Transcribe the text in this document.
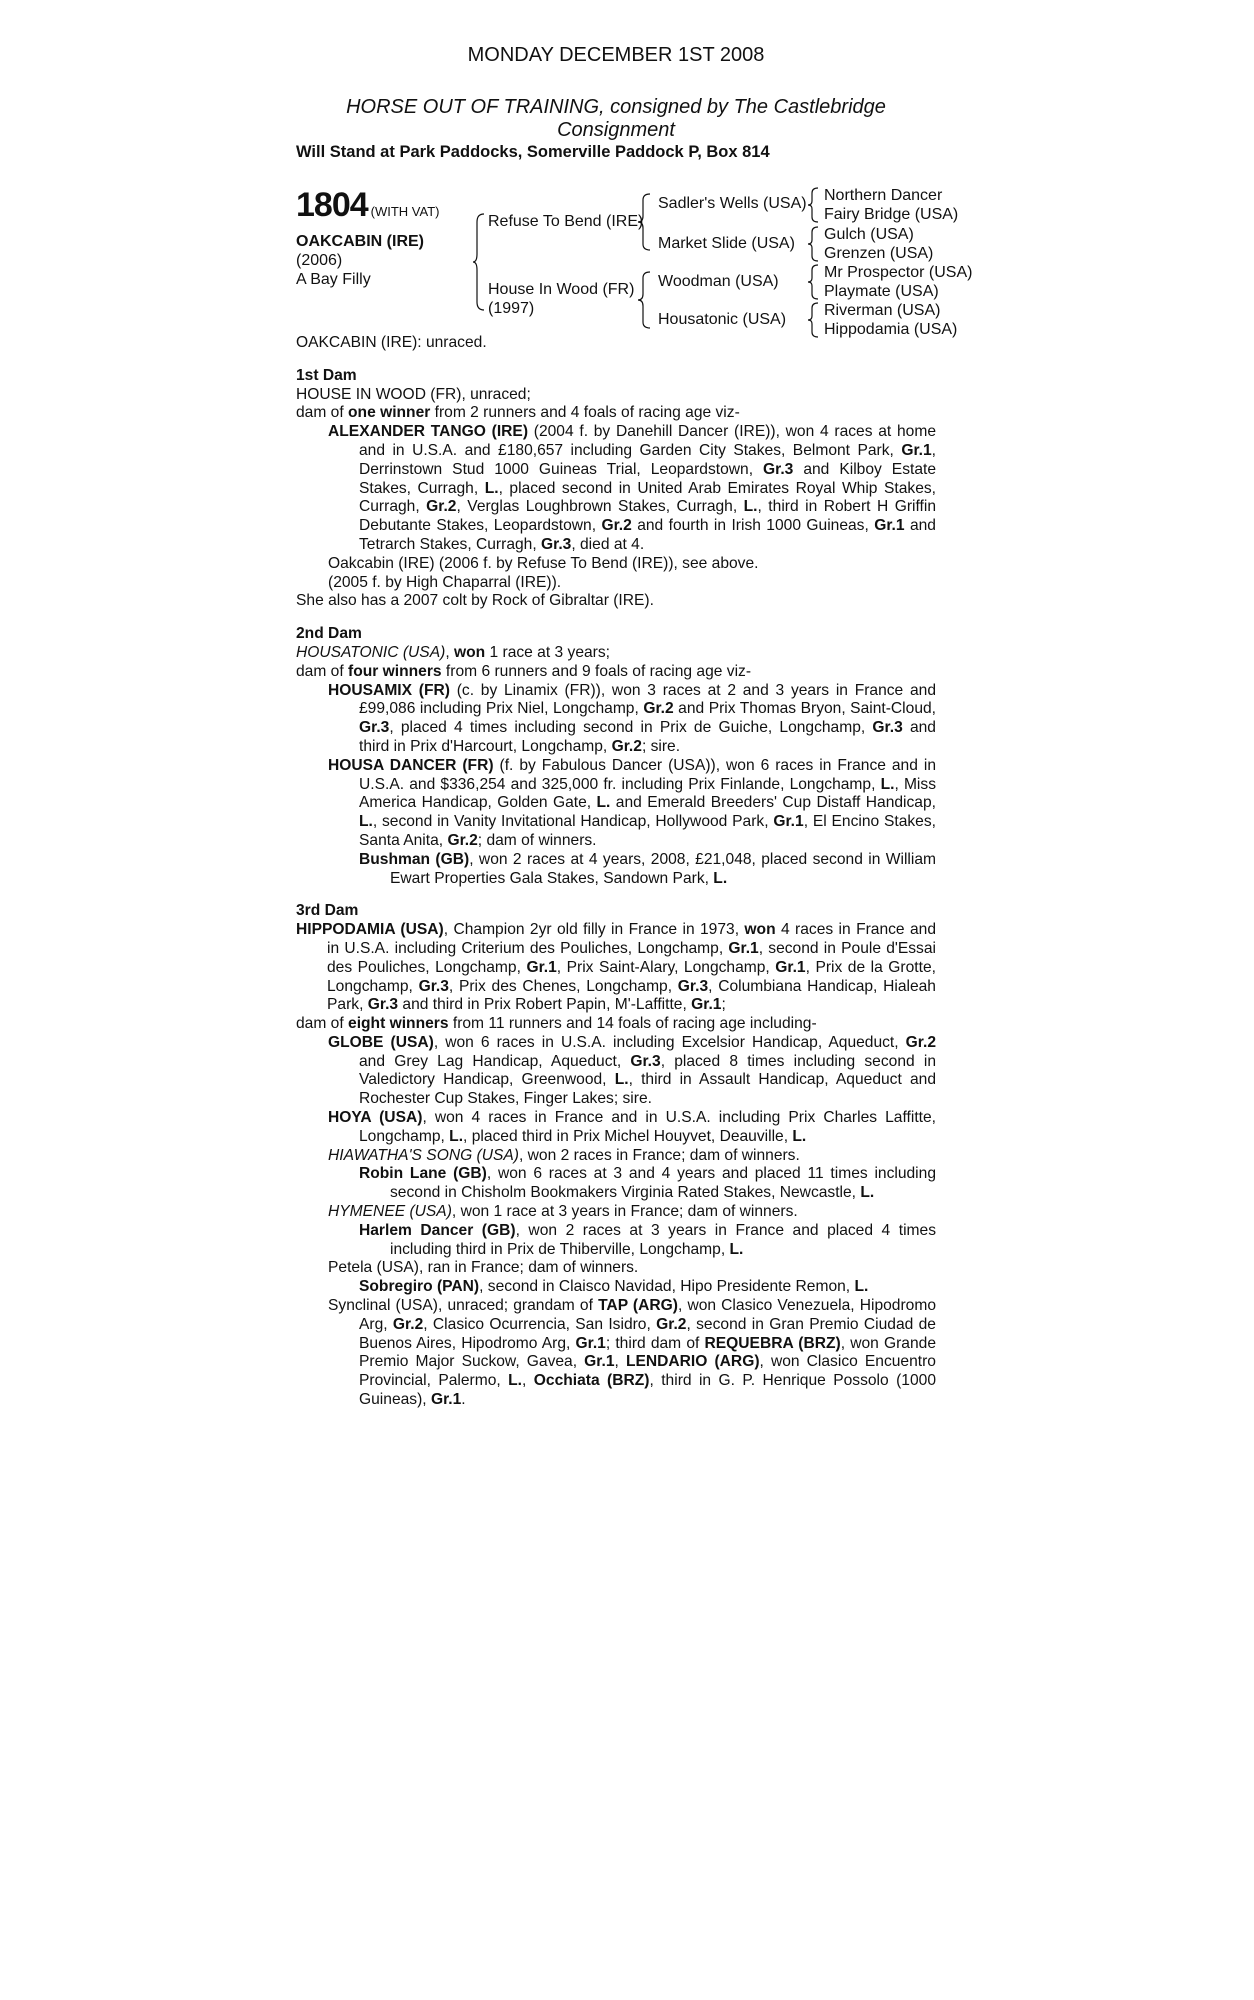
MONDAY DECEMBER 1ST 2008
HORSE OUT OF TRAINING, consigned by The Castlebridge Consignment
Will Stand at Park Paddocks, Somerville Paddock P, Box 814
1804 (WITH VAT)
OAKCABIN (IRE)
(2006)
A Bay Filly
Refuse To Bend (IRE)
House In Wood (FR)
(1997)
Sadler's Wells (USA)
Market Slide (USA)
Woodman (USA)
Housatonic (USA)
Northern Dancer
Fairy Bridge (USA)
Gulch (USA)
Grenzen (USA)
Mr Prospector (USA)
Playmate (USA)
Riverman (USA)
Hippodamia (USA)

OAKCABIN (IRE): unraced.

1st Dam

HOUSE IN WOOD (FR), unraced;

dam of one winner from 2 runners and 4 foals of racing age viz-

ALEXANDER TANGO (IRE) (2004 f. by Danehill Dancer (IRE)), won 4 races at home and in U.S.A. and £180,657 including Garden City Stakes, Belmont Park, Gr.1, Derrinstown Stud 1000 Guineas Trial, Leopardstown, Gr.3 and Kilboy Estate Stakes, Curragh, L., placed second in United Arab Emirates Royal Whip Stakes, Curragh, Gr.2, Verglas Loughbrown Stakes, Curragh, L., third in Robert H Griffin Debutante Stakes, Leopardstown, Gr.2 and fourth in Irish 1000 Guineas, Gr.1 and Tetrarch Stakes, Curragh, Gr.3, died at 4.

Oakcabin (IRE) (2006 f. by Refuse To Bend (IRE)), see above.

(2005 f. by High Chaparral (IRE)).

She also has a 2007 colt by Rock of Gibraltar (IRE).

2nd Dam

HOUSATONIC (USA), won 1 race at 3 years;

dam of four winners from 6 runners and 9 foals of racing age viz-

HOUSAMIX (FR) (c. by Linamix (FR)), won 3 races at 2 and 3 years in France and £99,086 including Prix Niel, Longchamp, Gr.2 and Prix Thomas Bryon, Saint-Cloud, Gr.3, placed 4 times including second in Prix de Guiche, Longchamp, Gr.3 and third in Prix d'Harcourt, Longchamp, Gr.2; sire.

HOUSA DANCER (FR) (f. by Fabulous Dancer (USA)), won 6 races in France and in U.S.A. and $336,254 and 325,000 fr. including Prix Finlande, Longchamp, L., Miss America Handicap, Golden Gate, L. and Emerald Breeders' Cup Distaff Handicap, L., second in Vanity Invitational Handicap, Hollywood Park, Gr.1, El Encino Stakes, Santa Anita, Gr.2; dam of winners.

Bushman (GB), won 2 races at 4 years, 2008, £21,048, placed second in William Ewart Properties Gala Stakes, Sandown Park, L.

3rd Dam

HIPPODAMIA (USA), Champion 2yr old filly in France in 1973, won 4 races in France and in U.S.A. including Criterium des Pouliches, Longchamp, Gr.1, second in Poule d'Essai des Pouliches, Longchamp, Gr.1, Prix Saint-Alary, Longchamp, Gr.1, Prix de la Grotte, Longchamp, Gr.3, Prix des Chenes, Longchamp, Gr.3, Columbiana Handicap, Hialeah Park, Gr.3 and third in Prix Robert Papin, M'-Laffitte, Gr.1;

dam of eight winners from 11 runners and 14 foals of racing age including-

GLOBE (USA), won 6 races in U.S.A. including Excelsior Handicap, Aqueduct, Gr.2 and Grey Lag Handicap, Aqueduct, Gr.3, placed 8 times including second in Valedictory Handicap, Greenwood, L., third in Assault Handicap, Aqueduct and Rochester Cup Stakes, Finger Lakes; sire.

HOYA (USA), won 4 races in France and in U.S.A. including Prix Charles Laffitte, Longchamp, L., placed third in Prix Michel Houyvet, Deauville, L.

HIAWATHA'S SONG (USA), won 2 races in France; dam of winners.

Robin Lane (GB), won 6 races at 3 and 4 years and placed 11 times including second in Chisholm Bookmakers Virginia Rated Stakes, Newcastle, L.

HYMENEE (USA), won 1 race at 3 years in France; dam of winners.

Harlem Dancer (GB), won 2 races at 3 years in France and placed 4 times including third in Prix de Thiberville, Longchamp, L.

Petela (USA), ran in France; dam of winners.

Sobregiro (PAN), second in Claisco Navidad, Hipo Presidente Remon, L.

Synclinal (USA), unraced; grandam of TAP (ARG), won Clasico Venezuela, Hipodromo Arg, Gr.2, Clasico Ocurrencia, San Isidro, Gr.2, second in Gran Premio Ciudad de Buenos Aires, Hipodromo Arg, Gr.1; third dam of REQUEBRA (BRZ), won Grande Premio Major Suckow, Gavea, Gr.1, LENDARIO (ARG), won Clasico Encuentro Provincial, Palermo, L., Occhiata (BRZ), third in G. P. Henrique Possolo (1000 Guineas), Gr.1.
